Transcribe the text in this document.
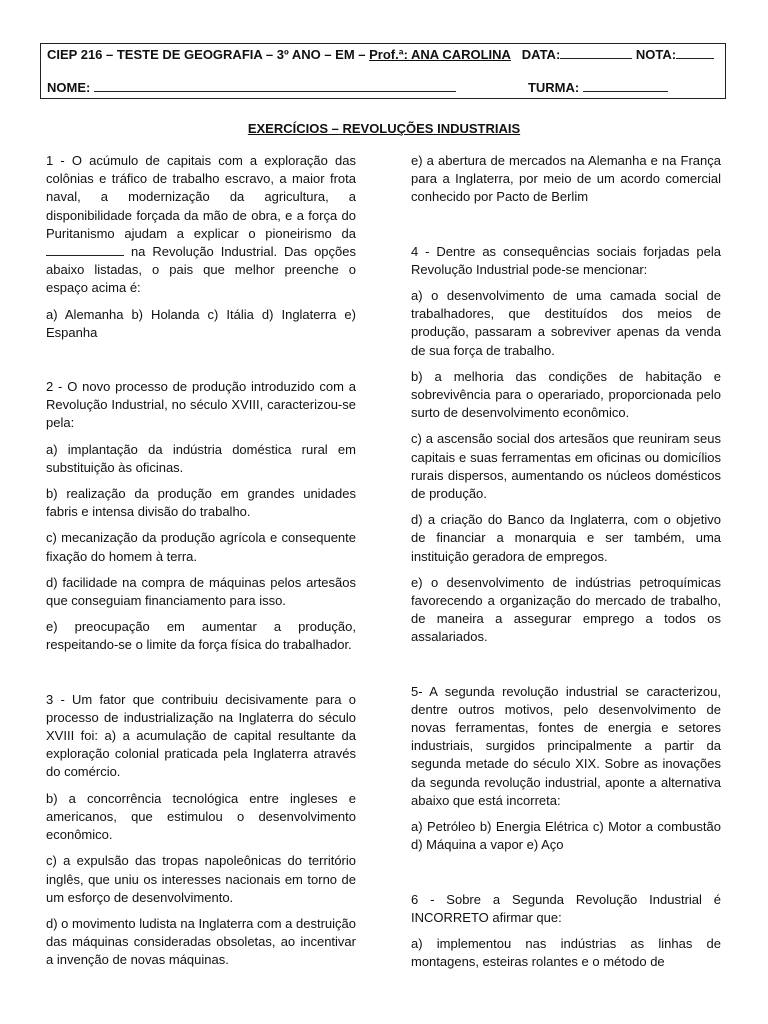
CIEP 216 – TESTE DE GEOGRAFIA – 3º ANO – EM – Prof.ª: ANA CAROLINA DATA:	NOTA:
NOME:	TURMA:
EXERCÍCIOS – REVOLUÇÕES INDUSTRIAIS

1 - O acúmulo de capitais com a exploração das colônias e tráfico de trabalho escravo, a maior frota naval, a modernização da agricultura, a disponibilidade forçada da mão de obra, e a força do Puritanismo ajudam a explicar o pioneirismo da  na Revolução Industrial. Das opções abaixo listadas, o pais que melhor preenche o espaço acima é:

a) Alemanha b) Holanda c) Itália d) Inglaterra e) Espanha

2 - O novo processo de produção introduzido com a Revolução Industrial, no século XVIII, caracterizou-se pela:

a) implantação da indústria doméstica rural em substituição às oficinas.

b) realização da produção em grandes unidades fabris e intensa divisão do trabalho.

c) mecanização da produção agrícola e consequente fixação do homem à terra.

d) facilidade na compra de máquinas pelos artesãos que conseguiam financiamento para isso.

e) preocupação em aumentar a produção, respeitando-se o limite da força física do trabalhador.

3 - Um fator que contribuiu decisivamente para o processo de industrialização na Inglaterra do século XVIII foi: a) a acumulação de capital resultante da exploração colonial praticada pela Inglaterra através do comércio.

b) a concorrência tecnológica entre ingleses e americanos, que estimulou o desenvolvimento econômico.

c) a expulsão das tropas napoleônicas do território inglês, que uniu os interesses nacionais em torno de um esforço de desenvolvimento.

d) o movimento ludista na Inglaterra com a destruição das máquinas consideradas obsoletas, ao incentivar a invenção de novas máquinas.

e) a abertura de mercados na Alemanha e na França para a Inglaterra, por meio de um acordo comercial conhecido por Pacto de Berlim

4 - Dentre as consequências sociais forjadas pela Revolução Industrial pode-se mencionar:

a) o desenvolvimento de uma camada social de trabalhadores, que destituídos dos meios de produção, passaram a sobreviver apenas da venda de sua força de trabalho.

b) a melhoria das condições de habitação e sobrevivência para o operariado, proporcionada pelo surto de desenvolvimento econômico.

c) a ascensão social dos artesãos que reuniram seus capitais e suas ferramentas em oficinas ou domicílios rurais dispersos, aumentando os núcleos domésticos de produção.

d) a criação do Banco da Inglaterra, com o objetivo de financiar a monarquia e ser também, uma instituição geradora de empregos.

e) o desenvolvimento de indústrias petroquímicas favorecendo a organização do mercado de trabalho, de maneira a assegurar emprego a todos os assalariados.

5- A segunda revolução industrial se caracterizou, dentre outros motivos, pelo desenvolvimento de novas ferramentas, fontes de energia e setores industriais, surgidos principalmente a partir da segunda metade do século XIX. Sobre as inovações da segunda revolução industrial, aponte a alternativa abaixo que está incorreta:

a) Petróleo b) Energia Elétrica c) Motor a combustão d) Máquina a vapor e) Aço

6 - Sobre a Segunda Revolução Industrial é INCORRETO afirmar que:

a) implementou nas indústrias as linhas de montagens, esteiras rolantes e o método de
